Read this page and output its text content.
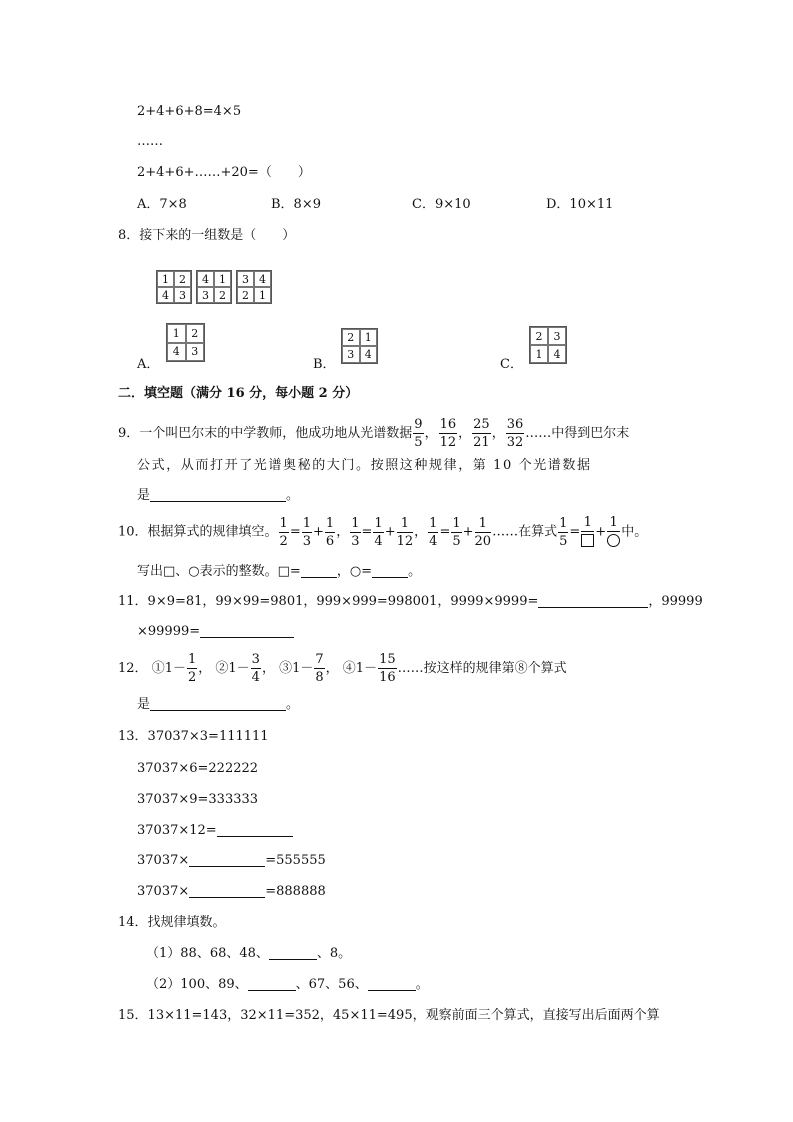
2+4+6+8=4×5
……
2+4+6+……+20=（　　）
A．7×8	B．8×9	C．9×10	D．10×11
8．接下来的一组数是（　　）
1 2
4 3
4 1
3 2
3 4
2 1
A．
1	2
4	3
B．
2 1
3 4
C．
2	3
1	4
二．填空题（满分 16 分，每小题 2 分）
9．一个叫巴尔末的中学教师，他成功地从光谱数据 $\frac{9}{5}$ ， $\frac{16}{12}$ ， $\frac{25}{21}$ ， $\frac{36}{32}$ ……中得到巴尔末
公式，从而打开了光谱奥秘的大门。按照这种规律，第 10 个光谱数据
是	。
10．根据算式的规律填空。 $\frac{1}{2} = \frac{1}{3} + \frac{1}{6}$ ， $\frac{1}{3} = \frac{1}{4} + \frac{1}{12}$ ， $\frac{1}{4} = \frac{1}{5} + \frac{1}{20}$ ……在算式 $\frac{1}{5}$ =
1
+
1
中。
写出□、○表示的整数。□=	，○=	。
11．9×9=81，99×99=9801，999×999=998001，9999×9999=	，99999
×99999=
12． ①1－ $\frac{1}{2}$ ， ②1－ $\frac{3}{4}$ ， ③1－ $\frac{7}{8}$ ， ④1－ $\frac{15}{16}$ ……按这样的规律第⑧个算式
是	。
13．37037×3=111111
37037×6=222222
37037×9=333333
37037×12=
37037×	=555555
37037×	=888888
14．找规律填数。
（1）88、68、48、	、8。
（2）100、89、	、67、56、	。
15．13×11=143，32×11=352，45×11=495，观察前面三个算式，直接写出后面两个算
